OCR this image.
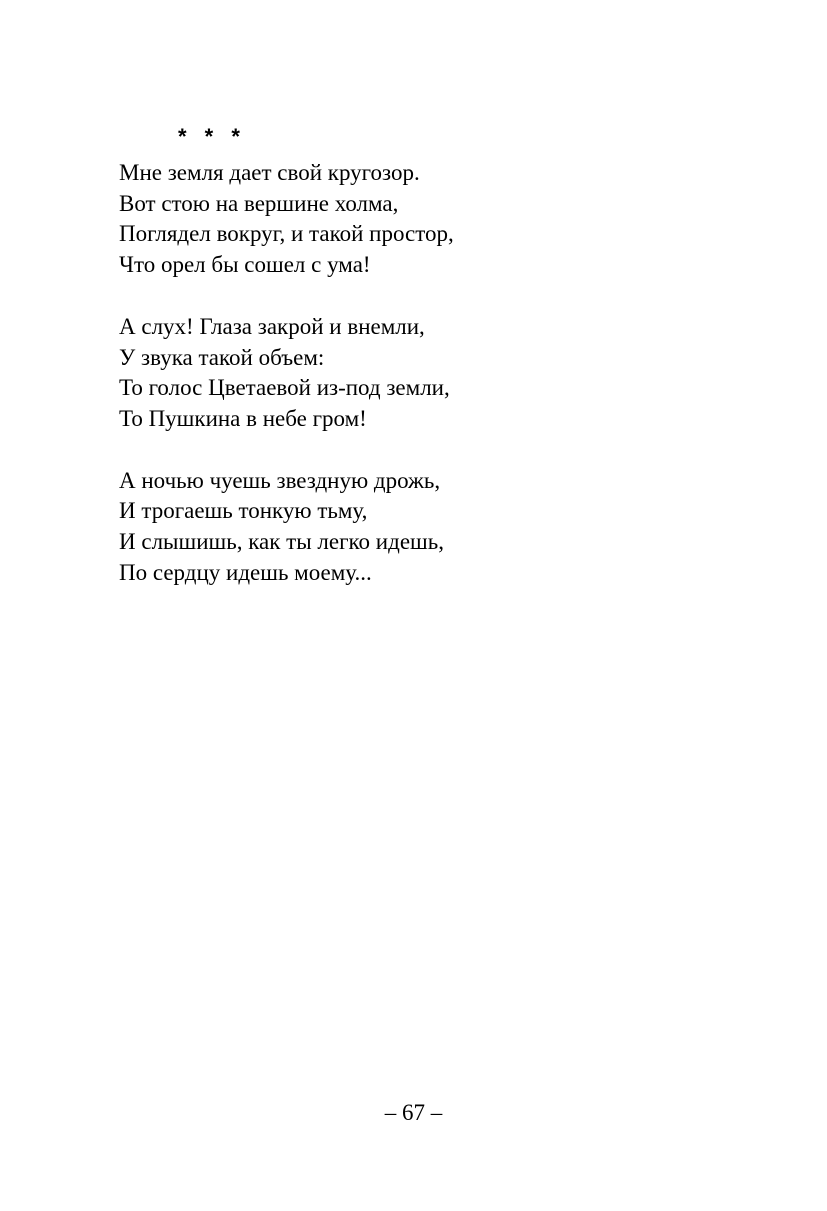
* * *
Мне земля дает свой кругозор.
Вот стою на вершине холма,
Поглядел вокруг, и такой простор,
Что орел бы сошел с ума!
А слух! Глаза закрой и внемли,
У звука такой объем:
То голос Цветаевой из-под земли,
То Пушкина в небе гром!
А ночью чуешь звездную дрожь,
И трогаешь тонкую тьму,
И слышишь, как ты легко идешь,
По сердцу идешь моему...
– 67 –
